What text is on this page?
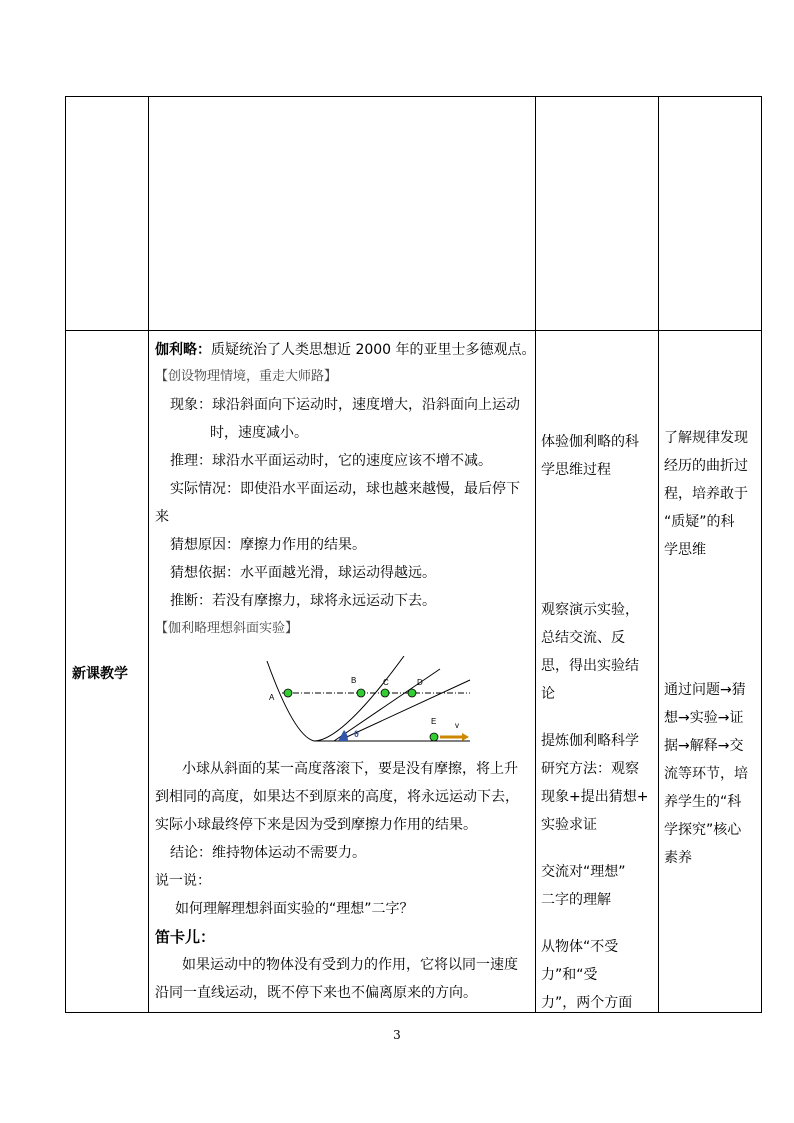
新课教学
伽利略：质疑统治了人类思想近 2000 年的亚里士多德观点。
【创设物理情境，重走大师路】
现象：球沿斜面向下运动时，速度增大，沿斜面向上运动
时，速度减小。
推理：球沿水平面运动时，它的速度应该不增不减。
实际情况：即使沿水平面运动，球也越来越慢，最后停下
来
猜想原因：摩擦力作用的结果。
猜想依据：水平面越光滑，球运动得越远。
推断：若没有摩擦力，球将永远运动下去。
【伽利略理想斜面实验】
A
B	C	D
E v
θ
小球从斜面的某一高度落滚下，要是没有摩擦，将上升
到相同的高度，如果达不到原来的高度，将永远运动下去，
实际小球最终停下来是因为受到摩擦力作用的结果。
结论：维持物体运动不需要力。
说一说：
如何理解理想斜面实验的“理想”二字？
笛卡儿：
如果运动中的物体没有受到力的作用，它将以同一速度
沿同一直线运动，既不停下来也不偏离原来的方向。
体验伽利略的科
学思维过程
观察演示实验，
总结交流、反
思，得出实验结
论
提炼伽利略科学
研究方法：观察
现象+提出猜想+
实验求证
交流对“理想”
二字的理解
从物体“不受
力”和“受
力”，两个方面
了解规律发现
经历的曲折过
程，培养敢于
“质疑”的科
学思维
通过问题→猜
想→实验→证
据→解释→交
流等环节，培
养学生的“科
学探究”核心
素养
3
